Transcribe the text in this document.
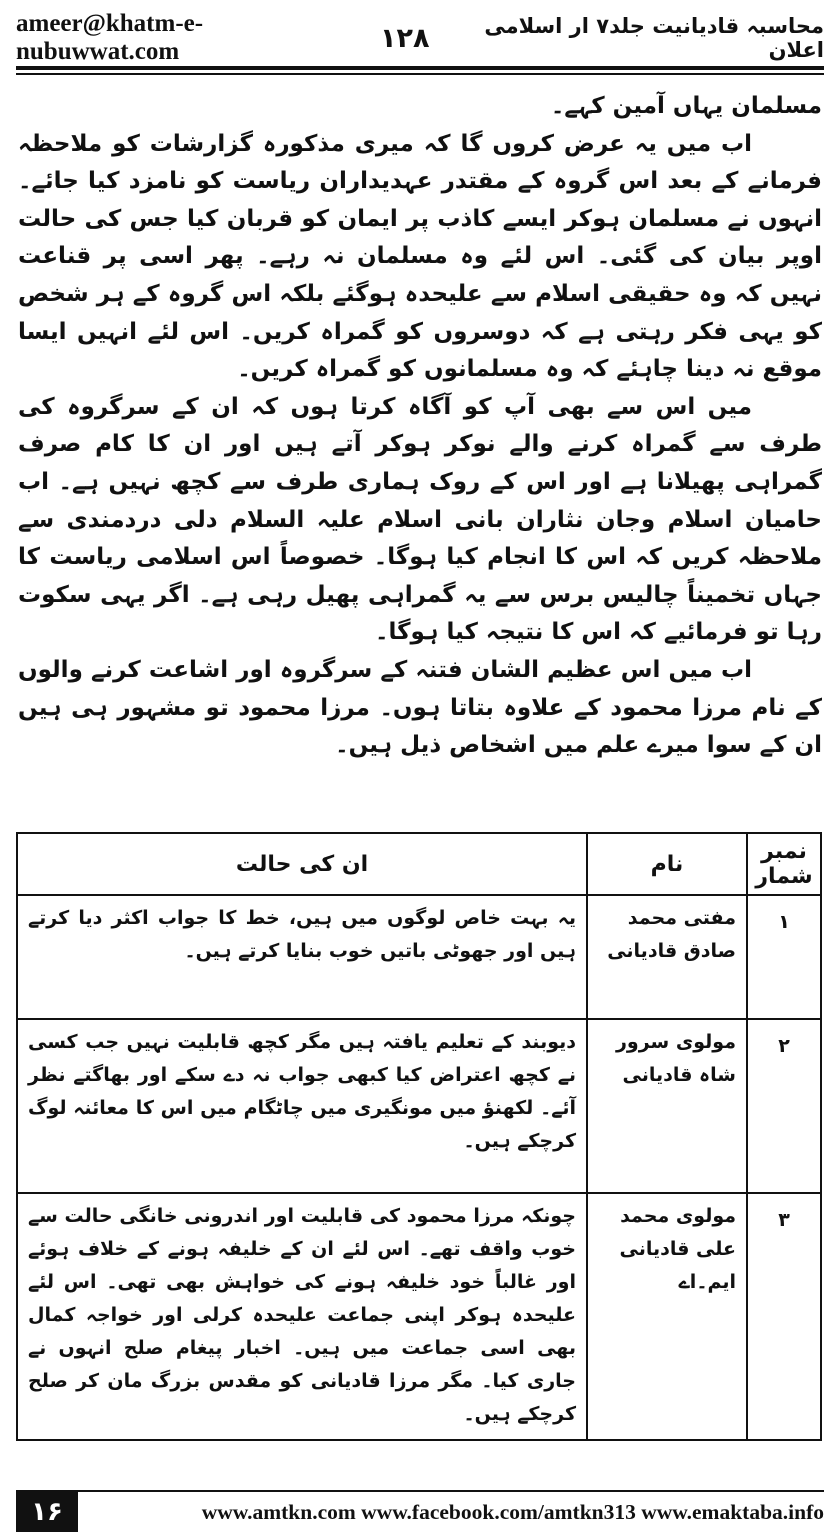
ameer@khatm-e-nubuwwat.com	۱۲۸	محاسبہ قادیانیت جلد۷ ار اسلامی اعلان

مسلمان یہاں آمین کہے۔

اب میں یہ عرض کروں گا کہ میری مذکورہ گزارشات کو ملاحظہ فرمانے کے بعد اس گروہ کے مقتدر عہدیداران ریاست کو نامزد کیا جائے۔ انہوں نے مسلمان ہوکر ایسے کاذب پر ایمان کو قربان کیا جس کی حالت اوپر بیان کی گئی۔ اس لئے وہ مسلمان نہ رہے۔ پھر اسی پر قناعت نہیں کہ وہ حقیقی اسلام سے علیحدہ ہوگئے بلکہ اس گروہ کے ہر شخص کو یہی فکر رہتی ہے کہ دوسروں کو گمراہ کریں۔ اس لئے انہیں ایسا موقع نہ دینا چاہئے کہ وہ مسلمانوں کو گمراہ کریں۔

میں اس سے بھی آپ کو آگاہ کرتا ہوں کہ ان کے سرگروہ کی طرف سے گمراہ کرنے والے نوکر ہوکر آتے ہیں اور ان کا کام صرف گمراہی پھیلانا ہے اور اس کے روک ہماری طرف سے کچھ نہیں ہے۔ اب حامیان اسلام وجان نثاران بانی اسلام علیہ السلام دلی دردمندی سے ملاحظہ کریں کہ اس کا انجام کیا ہوگا۔ خصوصاً اس اسلامی ریاست کا جہاں تخمیناً چالیس برس سے یہ گمراہی پھیل رہی ہے۔ اگر یہی سکوت رہا تو فرمائیے کہ اس کا نتیجہ کیا ہوگا۔

اب میں اس عظیم الشان فتنہ کے سرگروہ اور اشاعت کرنے والوں کے نام مرزا محمود کے علاوہ بتاتا ہوں۔ مرزا محمود تو مشہور ہی ہیں ان کے سوا میرے علم میں اشخاص ذیل ہیں۔

نمبر شمار	نام	ان کی حالت
۱	مفتی محمد صادق قادیانی	یہ بہت خاص لوگوں میں ہیں، خط کا جواب اکثر دیا کرتے ہیں اور جھوٹی باتیں خوب بنایا کرتے ہیں۔
۲	مولوی سرور شاہ قادیانی	دیوبند کے تعلیم یافتہ ہیں مگر کچھ قابلیت نہیں جب کسی نے کچھ اعتراض کیا کبھی جواب نہ دے سکے اور بھاگتے نظر آئے۔ لکھنؤ میں مونگیری میں چاٹگام میں اس کا معائنہ لوگ کرچکے ہیں۔
۳	مولوی محمد علی قادیانی ایم۔اے	چونکہ مرزا محمود کی قابلیت اور اندرونی خانگی حالت سے خوب واقف تھے۔ اس لئے ان کے خلیفہ ہونے کے خلاف ہوئے اور غالباً خود خلیفہ ہونے کی خواہش بھی تھی۔ اس لئے علیحدہ ہوکر اپنی جماعت علیحدہ کرلی اور خواجہ کمال بھی اسی جماعت میں ہیں۔ اخبار پیغام صلح انہوں نے جاری کیا۔ مگر مرزا قادیانی کو مقدس بزرگ مان کر صلح کرچکے ہیں۔
۱۶	www.amtkn.com www.facebook.com/amtkn313 www.emaktaba.info
